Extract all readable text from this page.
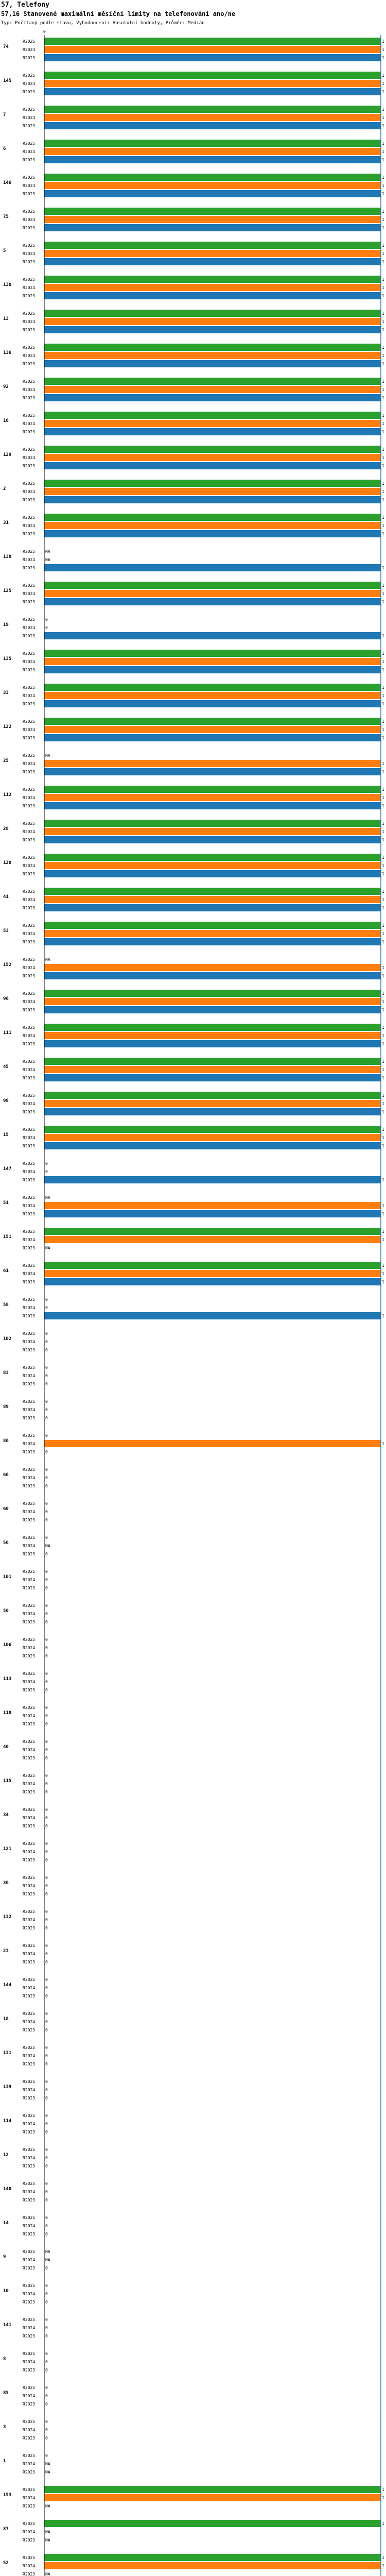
57, Telefony
57,16 Stanovené maximální měsíční limity na telefonování ano/ne
Typ: Počítaný podle stavu, Vyhodnocení: Absolutní hodnoty, Průměr: Medián
0
74
R2025	1
R2024	1
R2023	1
145
R2025	1
R2024	1
R2023	1
7
R2025	1
R2024	1
R2023	1
6
R2025	1
R2024	1
R2023	1
146
R2025	1
R2024	1
R2023	1
75
R2025	1
R2024	1
R2023	1
5
R2025	1
R2024	1
R2023	1
130
R2025	1
R2024	1
R2023	1
13
R2025	1
R2024	1
R2023	1
136
R2025	1
R2024	1
R2023	1
92
R2025	1
R2024	1
R2023	1
16
R2025	1
R2024	1
R2023	1
129
R2025	1
R2024	1
R2023	1
2
R2025	1
R2024	1
R2023	1
31
R2025	1
R2024	1
R2023	1
138
R2025 NA
R2024 NA
R2023	1
125
R2025	1
R2024	1
R2023	1
19
R2025 0
R2024 0
R2023	1
135
R2025	1
R2024	1
R2023	1
33
R2025	1
R2024	1
R2023	1
122
R2025	1
R2024	1
R2023	1
25
R2025 NA
R2024	1
R2023	1
112
R2025	1
R2024	1
R2023	1
28
R2025	1
R2024	1
R2023	1
120
R2025	1
R2024	1
R2023	1
41
R2025	1
R2024	1
R2023	1
53
R2025	1
R2024	1
R2023	1
152
R2025 NA
R2024	1
R2023	1
96
R2025	1
R2024	1
R2023	1
111
R2025	1
R2024	1
R2023	1
45
R2025	1
R2024	1
R2023	1
98
R2025	1
R2024	1
R2023	1
15
R2025	1
R2024	1
R2023	1
147
R2025 0
R2024 0
R2023	1
51
R2025 NA
R2024	1
R2023	1
151
R2025	1
R2024	1
R2023 NA
61
R2025	1
R2024	1
R2023	1
58
R2025 0
R2024 0
R2023	1
102
R2025 0
R2024 0
R2023 0
83
R2025 0
R2024 0
R2023 0
89
R2025 0
R2024 0
R2023 0
86
R2025 0
R2024	1
R2023 0
66
R2025 0
R2024 0
R2023 0
60
R2025 0
R2024 0
R2023 0
56
R2025 0
R2024 NA
R2023 0
101
R2025 0
R2024 0
R2023 0
50
R2025 0
R2024 0
R2023 0
106
R2025 0
R2024 0
R2023 0
113
R2025 0
R2024 0
R2023 0
118
R2025 0
R2024 0
R2023 0
40
R2025 0
R2024 0
R2023 0
115
R2025 0
R2024 0
R2023 0
34
R2025 0
R2024 0
R2023 0
121
R2025 0
R2024 0
R2023 0
36
R2025 0
R2024 0
R2023 0
132
R2025 0
R2024 0
R2023 0
23
R2025 0
R2024 0
R2023 0
144
R2025 0
R2024 0
R2023 0
18
R2025 0
R2024 0
R2023 0
131
R2025 0
R2024 0
R2023 0
139
R2025 0
R2024 0
R2023 0
114
R2025 0
R2024 0
R2023 0
12
R2025 0
R2024 0
R2023 0
140
R2025 0
R2024 0
R2023 0
14
R2025 0
R2024 0
R2023 0
9
R2025 NA
R2024 NA
R2023 0
10
R2025 0
R2024 0
R2023 0
141
R2025 0
R2024 0
R2023 0
8
R2025 0
R2024 0
R2023 0
85
R2025 0
R2024 0
R2023 0
3
R2025 0
R2024 0
R2023 0
1
R2025 0
R2024 NA
R2023 NA
153
R2025	1
R2024	1
R2023 NA
87
R2025	1
R2024 NA
R2023 NA
52
R2025	1
R2024	1
R2023 NA
